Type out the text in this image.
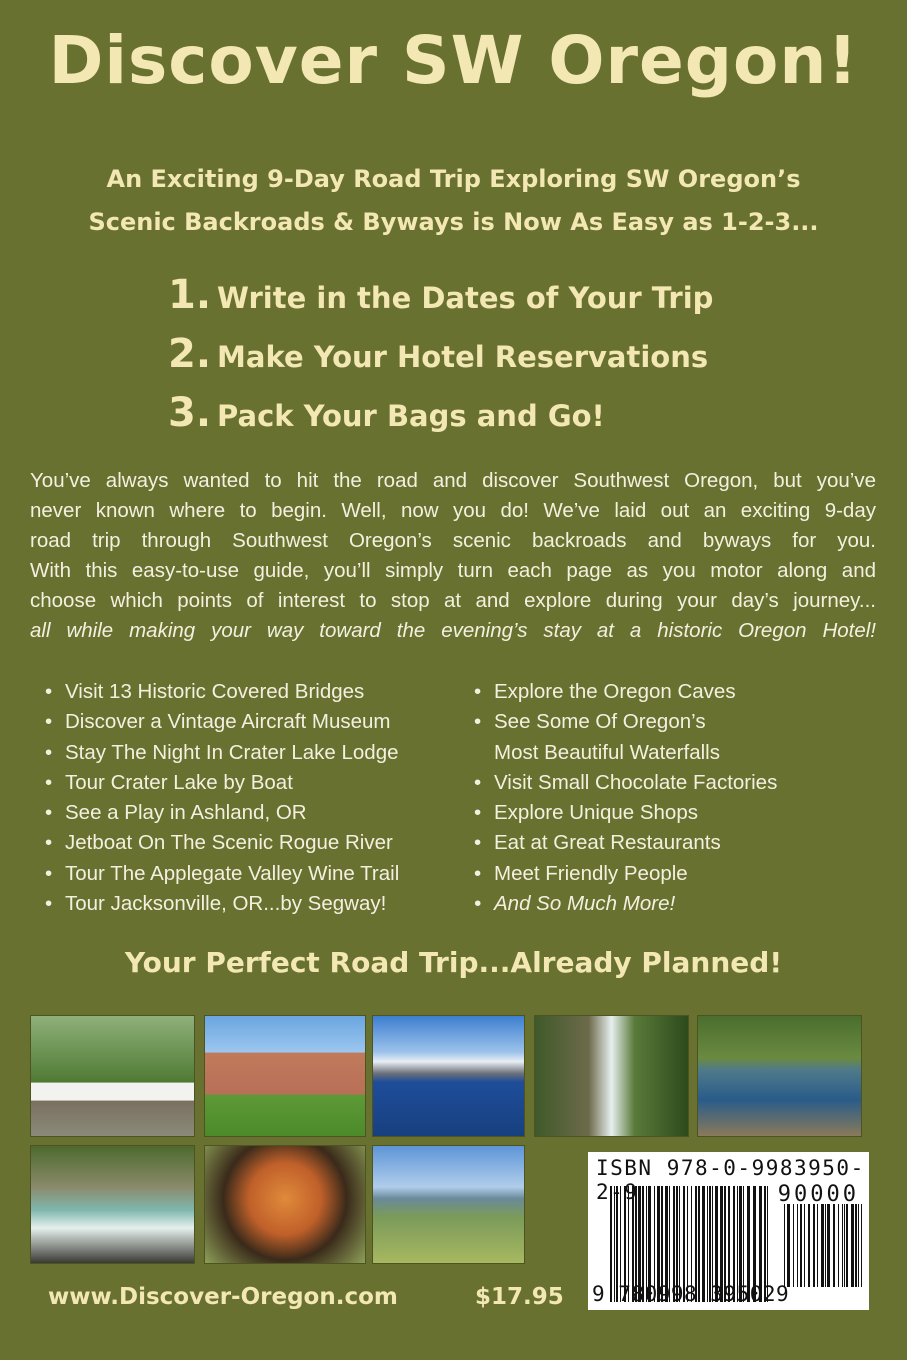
Discover SW Oregon!
An Exciting 9-Day Road Trip Exploring SW Oregon’s
Scenic Backroads & Byways is Now As Easy as 1-2-3...
1. Write in the Dates of Your Trip
2. Make Your Hotel Reservations
3. Pack Your Bags and Go!
You’ve always wanted to hit the road and discover Southwest Oregon, but you’ve
never known where to begin. Well, now you do! We’ve laid out an exciting 9-day
road trip through Southwest Oregon’s scenic backroads and byways for you.
With this easy-to-use guide, you’ll simply turn each page as you motor along and
choose which points of interest to stop at and explore during your day’s journey...
all while making your way toward the evening’s stay at a historic Oregon Hotel!
• Visit 13 Historic Covered Bridges
• Discover a Vintage Aircraft Museum
• Stay The Night In Crater Lake Lodge
• Tour Crater Lake by Boat
• See a Play in Ashland, OR
• Jetboat On The Scenic Rogue River
• Tour The Applegate Valley Wine Trail
• Tour Jacksonville, OR...by Segway!
• Explore the Oregon Caves
• See Some Of Oregon’s
Most Beautiful Waterfalls
• Visit Small Chocolate Factories
• Explore Unique Shops
• Eat at Great Restaurants
• Meet Friendly People
• And So Much More!
Your Perfect Road Trip...Already Planned!
ISBN 978-0-9983950-2-9	90000
9 780998 395029
www.Discover-Oregon.com	$17.95
